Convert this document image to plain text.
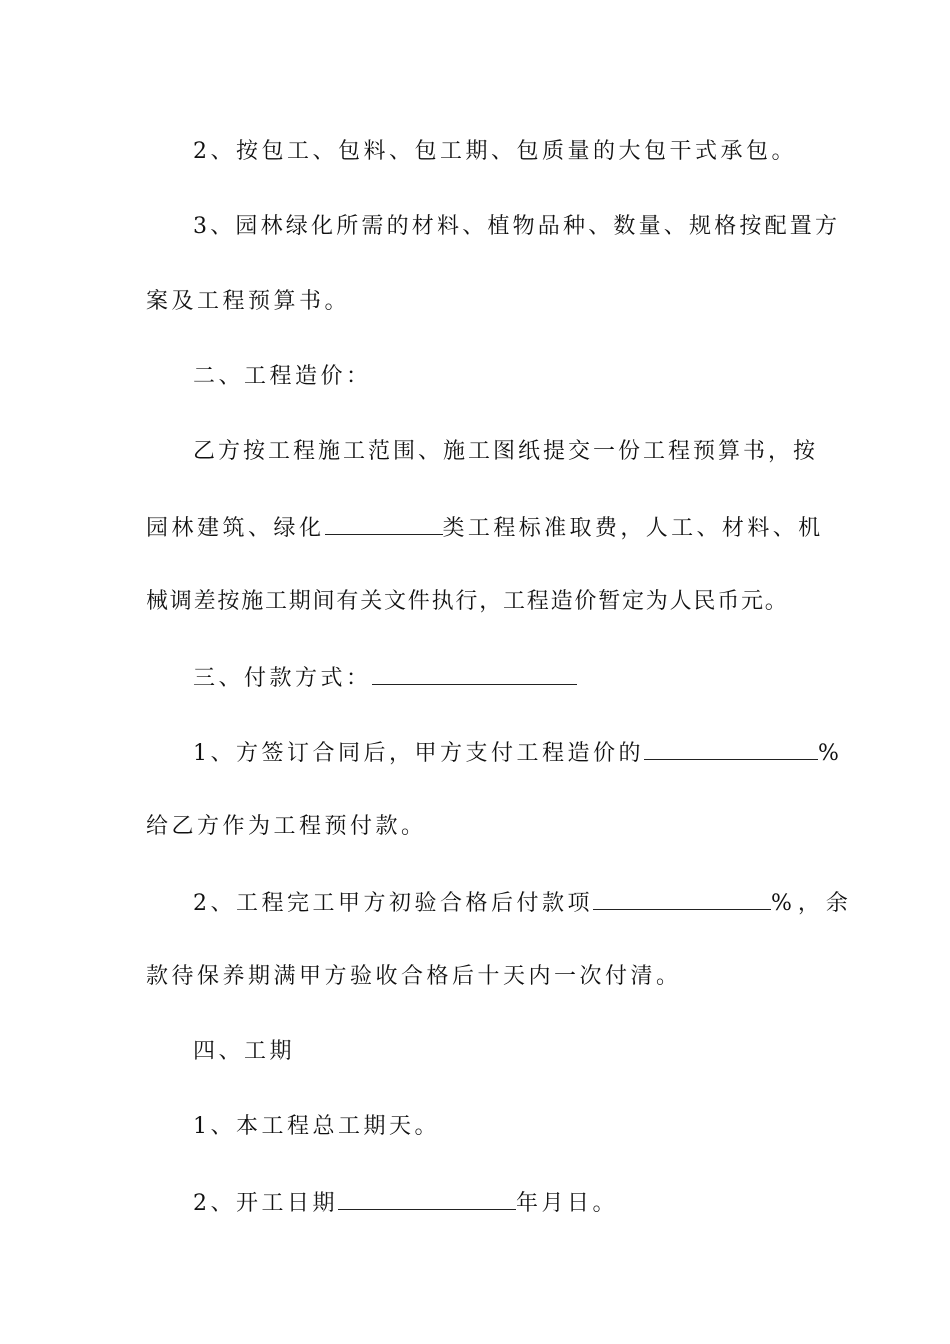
2、按包工、包料、包工期、包质量的大包干式承包。
3、园林绿化所需的材料、植物品种、数量、规格按配置方
案及工程预算书。
二、工程造价：
乙方按工程施工范围、施工图纸提交一份工程预算书，按
园林建筑、绿化	类工程标准取费，人工、材料、机
械调差按施工期间有关文件执行，工程造价暂定为人民币元。
三、付款方式：
1、方签订合同后，甲方支付工程造价的	%
给乙方作为工程预付款。
2、工程完工甲方初验合格后付款项	%，余
款待保养期满甲方验收合格后十天内一次付清。
四、工期
1、本工程总工期天。
2、开工日期	年月日。
